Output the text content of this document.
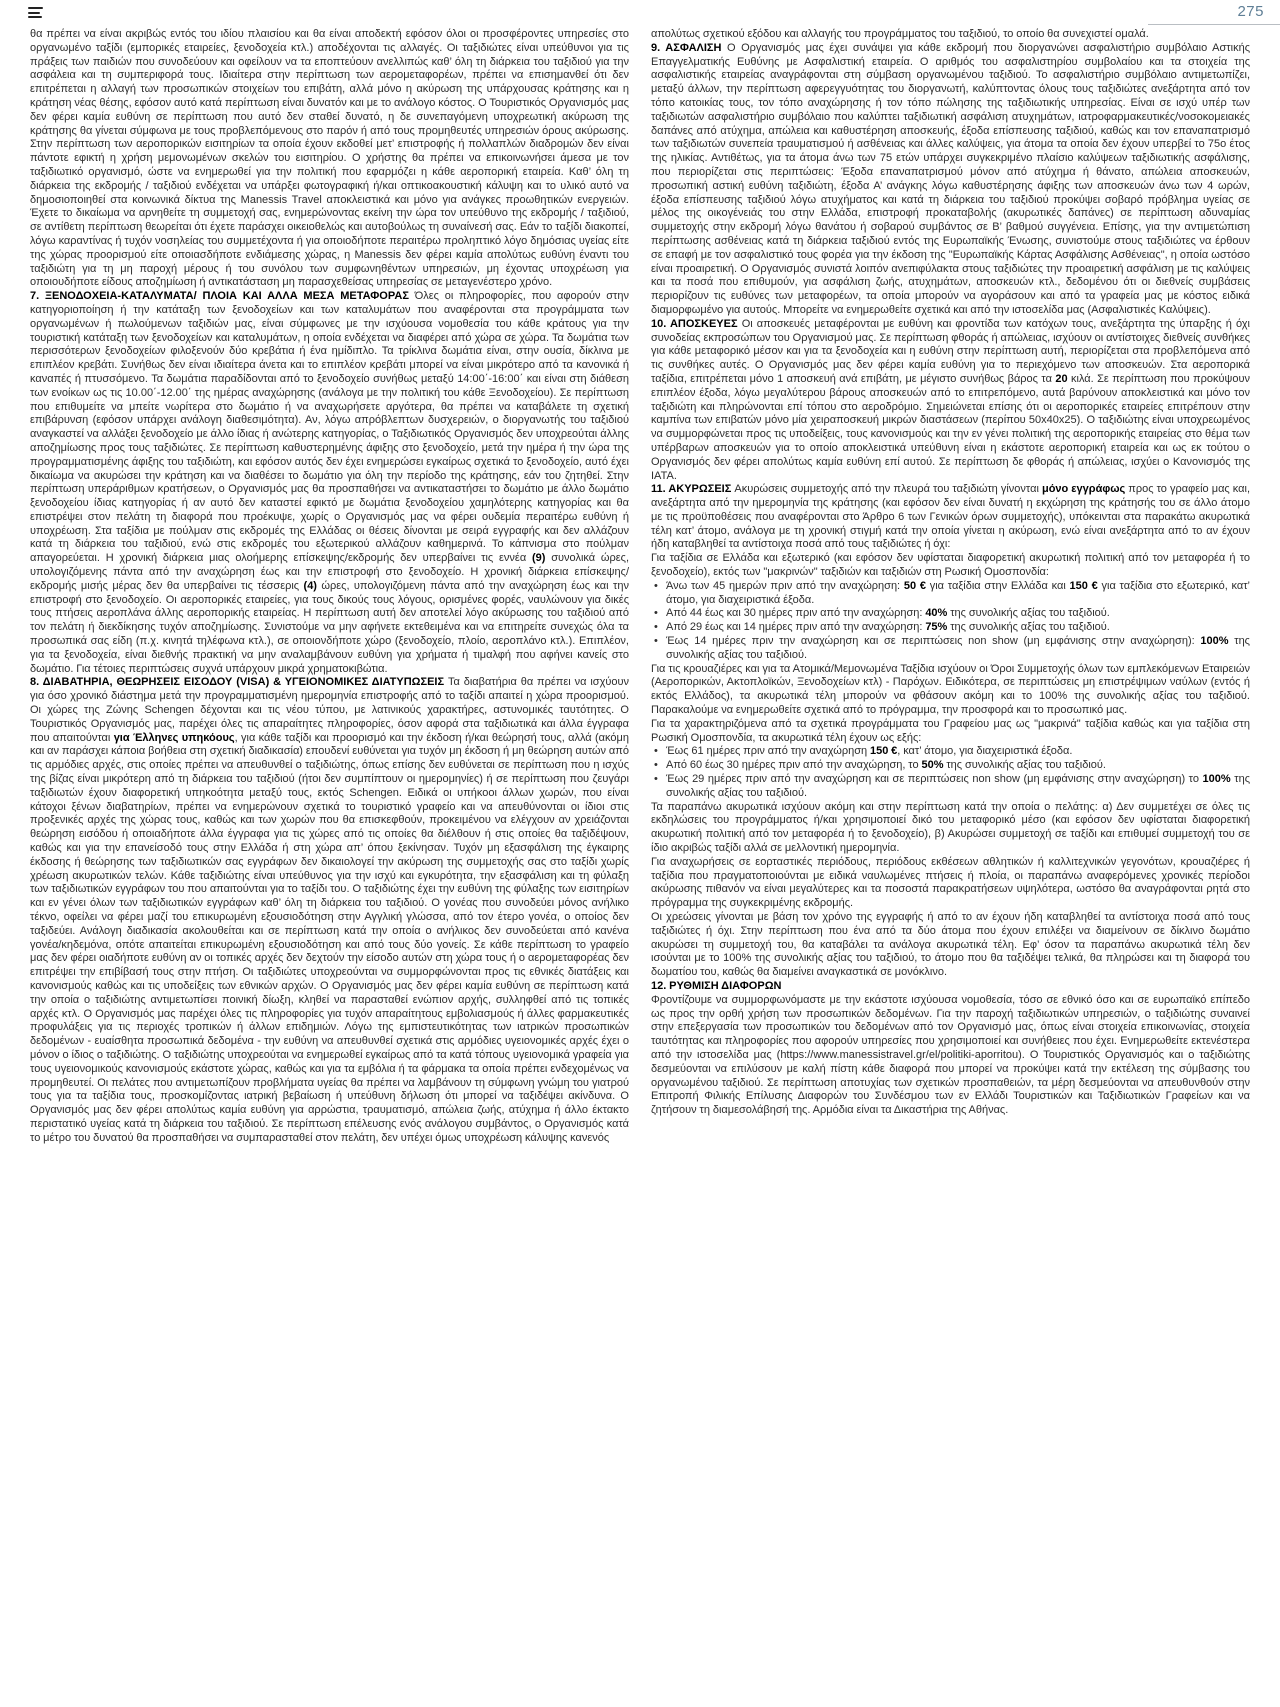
275

θα πρέπει να είναι ακριβώς εντός του ιδίου πλαισίου και θα είναι αποδεκτή εφόσον όλοι οι προσφέροντες υπηρεσίες στο οργανωμένο ταξίδι (εμπορικές εταιρείες, ξενοδοχεία κτλ.) αποδέχονται τις αλλαγές. Οι ταξιδιώτες είναι υπεύθυνοι για τις πράξεις των παιδιών που συνοδεύουν και οφείλουν να τα εποπτεύουν ανελλιπώς καθ’ όλη τη διάρκεια του ταξιδιού για την ασφάλεια και τη συμπεριφορά τους. Ιδιαίτερα στην περίπτωση των αερομεταφορέων, πρέπει να επισημανθεί ότι δεν επιτρέπεται η αλλαγή των προσωπικών στοιχείων του επιβάτη, αλλά μόνο η ακύρωση της υπάρχουσας κράτησης και η κράτηση νέας θέσης, εφόσον αυτό κατά περίπτωση είναι δυνατόν και με το ανάλογο κόστος. Ο Τουριστικός Οργανισμός μας δεν φέρει καμία ευθύνη σε περίπτωση που αυτό δεν σταθεί δυνατό, η δε συνεπαγόμενη υποχρεωτική ακύρωση της κράτησης θα γίνεται σύμφωνα με τους προβλεπόμενους στο παρόν ή από τους προμηθευτές υπηρεσιών όρους ακύρωσης. Στην περίπτωση των αεροπορικών εισιτηρίων τα οποία έχουν εκδοθεί μετ’ επιστροφής ή πολλαπλών διαδρομών δεν είναι πάντοτε εφικτή η χρήση μεμονωμένων σκελών του εισιτηρίου. Ο χρήστης θα πρέπει να επικοινωνήσει άμεσα με τον ταξιδιωτικό οργανισμό, ώστε να ενημερωθεί για την πολιτική που εφαρμόζει η κάθε αεροπορική εταιρεία. Καθ’ όλη τη διάρκεια της εκδρομής / ταξιδιού ενδέχεται να υπάρξει φωτογραφική ή/και οπτικοακουστική κάλυψη και το υλικό αυτό να δημοσιοποιηθεί στα κοινωνικά δίκτυα της Manessis Travel αποκλειστικά και μόνο για ανάγκες προωθητικών ενεργειών. Έχετε το δικαίωμα να αρνηθείτε τη συμμετοχή σας, ενημερώνοντας εκείνη την ώρα τον υπεύθυνο της εκδρομής / ταξιδιού, σε αντίθετη περίπτωση θεωρείται ότι έχετε παράσχει οικειοθελώς και αυτοβούλως τη συναίνεσή σας. Εάν το ταξίδι διακοπεί, λόγω καραντίνας ή τυχόν νοσηλείας του συμμετέχοντα ή για οποιοδήποτε περαιτέρω προληπτικό λόγο δημόσιας υγείας είτε της χώρας προορισμού είτε οποιασδήποτε ενδιάμεσης χώρας, η Manessis δεν φέρει καμία απολύτως ευθύνη έναντι του ταξιδιώτη για τη μη παροχή μέρους ή του συνόλου των συμφωνηθέντων υπηρεσιών, μη έχοντας υποχρέωση για οποιουδήποτε είδους αποζημίωση ή αντικατάσταση μη παρασχεθείσας υπηρεσίας σε μεταγενέστερο χρόνο.

7. ΞΕΝΟΔΟΧΕΙΑ-ΚΑΤΑΛΥΜΑΤΑ/ ΠΛΟΙΑ ΚΑΙ ΑΛΛΑ ΜΕΣΑ ΜΕΤΑΦΟΡΑΣ Όλες οι πληροφορίες, που αφορούν στην κατηγοριοποίηση ή την κατάταξη των ξενοδοχείων και των καταλυμάτων που αναφέρονται στα προγράμματα των οργανωμένων ή πωλούμενων ταξιδιών μας, είναι σύμφωνες με την ισχύουσα νομοθεσία του κάθε κράτους για την τουριστική κατάταξη των ξενοδοχείων και καταλυμάτων, η οποία ενδέχεται να διαφέρει από χώρα σε χώρα. Τα δωμάτια των περισσότερων ξενοδοχείων φιλοξενούν δύο κρεβάτια ή ένα ημίδιπλο. Τα τρίκλινα δωμάτια είναι, στην ουσία, δίκλινα με επιπλέον κρεβάτι. Συνήθως δεν είναι ιδιαίτερα άνετα και το επιπλέον κρεβάτι μπορεί να είναι μικρότερο από τα κανονικά ή καναπές ή πτυσσόμενο. Τα δωμάτια παραδίδονται από το ξενοδοχείο συνήθως μεταξύ 14:00΄-16:00΄ και είναι στη διάθεση των ενοίκων ως τις 10.00΄-12.00΄ της ημέρας αναχώρησης (ανάλογα με την πολιτική του κάθε Ξενοδοχείου). Σε περίπτωση που επιθυμείτε να μπείτε νωρίτερα στο δωμάτιο ή να αναχωρήσετε αργότερα, θα πρέπει να καταβάλετε τη σχετική επιβάρυνση (εφόσον υπάρχει ανάλογη διαθεσιμότητα). Αν, λόγω απρόβλεπτων δυσχερειών, ο διοργανωτής του ταξιδιού αναγκαστεί να αλλάξει ξενοδοχείο με άλλο ίδιας ή ανώτερης κατηγορίας, ο Ταξιδιωτικός Οργανισμός δεν υποχρεούται άλλης αποζημίωσης προς τους ταξιδιώτες. Σε περίπτωση καθυστερημένης άφιξης στο ξενοδοχείο, μετά την ημέρα ή την ώρα της προγραμματισμένης άφιξης του ταξιδιώτη, και εφόσον αυτός δεν έχει ενημερώσει εγκαίρως σχετικά το ξενοδοχείο, αυτό έχει δικαίωμα να ακυρώσει την κράτηση και να διαθέσει το δωμάτιο για όλη την περίοδο της κράτησης, εάν του ζητηθεί. Στην περίπτωση υπεράριθμων κρατήσεων, ο Οργανισμός μας θα προσπαθήσει να αντικαταστήσει το δωμάτιο με άλλο δωμάτιο ξενοδοχείου ίδιας κατηγορίας ή αν αυτό δεν καταστεί εφικτό με δωμάτια ξενοδοχείου χαμηλότερης κατηγορίας και θα επιστρέψει στον πελάτη τη διαφορά που προέκυψε, χωρίς ο Οργανισμός μας να φέρει ουδεμία περαιτέρω ευθύνη ή υποχρέωση. Στα ταξίδια με πούλμαν στις εκδρομές της Ελλάδας οι θέσεις δίνονται με σειρά εγγραφής και δεν αλλάζουν κατά τη διάρκεια του ταξιδιού, ενώ στις εκδρομές του εξωτερικού αλλάζουν καθημερινά. Το κάπνισμα στο πούλμαν απαγορεύεται. Η χρονική διάρκεια μιας ολοήμερης επίσκεψης/εκδρομής δεν υπερβαίνει τις εννέα (9) συνολικά ώρες, υπολογιζόμενης πάντα από την αναχώρηση έως και την επιστροφή στο ξενοδοχείο. Η χρονική διάρκεια επίσκεψης/εκδρομής μισής μέρας δεν θα υπερβαίνει τις τέσσερις (4) ώρες, υπολογιζόμενη πάντα από την αναχώρηση έως και την επιστροφή στο ξενοδοχείο. Οι αεροπορικές εταιρείες, για τους δικούς τους λόγους, ορισμένες φορές, ναυλώνουν για δικές τους πτήσεις αεροπλάνα άλλης αεροπορικής εταιρείας. Η περίπτωση αυτή δεν αποτελεί λόγο ακύρωσης του ταξιδιού από τον πελάτη ή διεκδίκησης τυχόν αποζημίωσης. Συνιστούμε να μην αφήνετε εκτεθειμένα και να επιτηρείτε συνεχώς όλα τα προσωπικά σας είδη (π.χ. κινητά τηλέφωνα κτλ.), σε οποιονδήποτε χώρο (ξενοδοχείο, πλοίο, αεροπλάνο κτλ.). Επιπλέον, για τα ξενοδοχεία, είναι διεθνής πρακτική να μην αναλαμβάνουν ευθύνη για χρήματα ή τιμαλφή που αφήνει κανείς στο δωμάτιο. Για τέτοιες περιπτώσεις συχνά υπάρχουν μικρά χρηματοκιβώτια.

8. ΔΙΑΒΑΤΗΡΙΑ, ΘΕΩΡΗΣΕΙΣ ΕΙΣΟΔΟΥ (VISA) & ΥΓΕΙΟΝΟΜΙΚΕΣ ΔΙΑΤΥΠΩΣΕΙΣ Τα διαβατήρια θα πρέπει να ισχύουν για όσο χρονικό διάστημα μετά την προγραμματισμένη ημερομηνία επιστροφής από το ταξίδι απαιτεί η χώρα προορισμού. Οι χώρες της Ζώνης Schengen δέχονται και τις νέου τύπου, με λατινικούς χαρακτήρες, αστυνομικές ταυτότητες. Ο Τουριστικός Οργανισμός μας, παρέχει όλες τις απαραίτητες πληροφορίες, όσον αφορά στα ταξιδιωτικά και άλλα έγγραφα που απαιτούνται για Έλληνες υπηκόους, για κάθε ταξίδι και προορισμό και την έκδοση ή/και θεώρησή τους, αλλά (ακόμη και αν παράσχει κάποια βοήθεια στη σχετική διαδικασία) επουδενί ευθύνεται για τυχόν μη έκδοση ή μη θεώρηση αυτών από τις αρμόδιες αρχές, στις οποίες πρέπει να απευθυνθεί ο ταξιδιώτης, όπως επίσης δεν ευθύνεται σε περίπτωση που η ισχύς της βίζας είναι μικρότερη από τη διάρκεια του ταξιδιού (ήτοι δεν συμπίπτουν οι ημερομηνίες) ή σε περίπτωση που ζευγάρι ταξιδιωτών έχουν διαφορετική υπηκοότητα μεταξύ τους, εκτός Schengen. Ειδικά οι υπήκοοι άλλων χωρών, που είναι κάτοχοι ξένων διαβατηρίων, πρέπει να ενημερώνουν σχετικά το τουριστικό γραφείο και να απευθύνονται οι ίδιοι στις προξενικές αρχές της χώρας τους, καθώς και των χωρών που θα επισκεφθούν, προκειμένου να ελέγχουν αν χρειάζονται θεώρηση εισόδου ή οποιαδήποτε άλλα έγγραφα για τις χώρες από τις οποίες θα διέλθουν ή στις οποίες θα ταξιδέψουν, καθώς και για την επανείσοδό τους στην Ελλάδα ή στη χώρα απ’ όπου ξεκίνησαν. Τυχόν μη εξασφάλιση της έγκαιρης έκδοσης ή θεώρησης των ταξιδιωτικών σας εγγράφων δεν δικαιολογεί την ακύρωση της συμμετοχής σας στο ταξίδι χωρίς χρέωση ακυρωτικών τελών. Κάθε ταξιδιώτης είναι υπεύθυνος για την ισχύ και εγκυρότητα, την εξασφάλιση και τη φύλαξη των ταξιδιωτικών εγγράφων του που απαιτούνται για το ταξίδι του. Ο ταξιδιώτης έχει την ευθύνη της φύλαξης των εισιτηρίων και εν γένει όλων των ταξιδιωτικών εγγράφων καθ’ όλη τη διάρκεια του ταξιδιού. Ο γονέας που συνοδεύει μόνος ανήλικο τέκνο, οφείλει να φέρει μαζί του επικυρωμένη εξουσιοδότηση στην Αγγλική γλώσσα, από τον έτερο γονέα, ο οποίος δεν ταξιδεύει. Ανάλογη διαδικασία ακολουθείται και σε περίπτωση κατά την οποία ο ανήλικος δεν συνοδεύεται από κανένα γονέα/κηδεμόνα, οπότε απαιτείται επικυρωμένη εξουσιοδότηση και από τους δύο γονείς. Σε κάθε περίπτωση το γραφείο μας δεν φέρει οιαδήποτε ευθύνη αν οι τοπικές αρχές δεν δεχτούν την είσοδο αυτών στη χώρα τους ή ο αερομεταφορέας δεν επιτρέψει την επιβίβασή τους στην πτήση. Οι ταξιδιώτες υποχρεούνται να συμμορφώνονται προς τις εθνικές διατάξεις και κανονισμούς καθώς και τις υποδείξεις των εθνικών αρχών. Ο Οργανισμός μας δεν φέρει καμία ευθύνη σε περίπτωση κατά την οποία ο ταξιδιώτης αντιμετωπίσει ποινική δίωξη, κληθεί να παρασταθεί ενώπιον αρχής, συλληφθεί από τις τοπικές αρχές κτλ. Ο Οργανισμός μας παρέχει όλες τις πληροφορίες για τυχόν απαραίτητους εμβολιασμούς ή άλλες φαρμακευτικές προφυλάξεις για τις περιοχές τροπικών ή άλλων επιδημιών. Λόγω της εμπιστευτικότητας των ιατρικών προσωπικών δεδομένων - ευαίσθητα προσωπικά δεδομένα - την ευθύνη να απευθυνθεί σχετικά στις αρμόδιες υγειονομικές αρχές έχει ο μόνον ο ίδιος ο ταξιδιώτης. Ο ταξιδιώτης υποχρεούται να ενημερωθεί εγκαίρως από τα κατά τόπους υγειονομικά γραφεία για τους υγειονομικούς κανονισμούς εκάστοτε χώρας, καθώς και για τα εμβόλια ή τα φάρμακα τα οποία πρέπει ενδεχομένως να προμηθευτεί. Οι πελάτες που αντιμετωπίζουν προβλήματα υγείας θα πρέπει να λαμβάνουν τη σύμφωνη γνώμη του γιατρού τους για τα ταξίδια τους, προσκομίζοντας ιατρική βεβαίωση ή υπεύθυνη δήλωση ότι μπορεί να ταξιδέψει ακίνδυνα. Ο Οργανισμός μας δεν φέρει απολύτως καμία ευθύνη για αρρώστια, τραυματισμό, απώλεια ζωής, ατύχημα ή άλλο έκτακτο περιστατικό υγείας κατά τη διάρκεια του ταξιδιού. Σε περίπτωση επέλευσης ενός ανάλογου συμβάντος, ο Οργανισμός κατά το μέτρο του δυνατού θα προσπαθήσει να συμπαρασταθεί στον πελάτη, δεν υπέχει όμως υποχρέωση κάλυψης κανενός

απολύτως σχετικού εξόδου και αλλαγής του προγράμματος του ταξιδιού, το οποίο θα συνεχιστεί ομαλά.

9. ΑΣΦΑΛΙΣΗ Ο Οργανισμός μας έχει συνάψει για κάθε εκδρομή που διοργανώνει ασφαλιστήριο συμβόλαιο Αστικής Επαγγελματικής Ευθύνης με Ασφαλιστική εταιρεία. Ο αριθμός του ασφαλιστηρίου συμβολαίου και τα στοιχεία της ασφαλιστικής εταιρείας αναγράφονται στη σύμβαση οργανωμένου ταξιδιού. Το ασφαλιστήριο συμβόλαιο αντιμετωπίζει, μεταξύ άλλων, την περίπτωση αφερεγγυότητας του διοργανωτή, καλύπτοντας όλους τους ταξιδιώτες ανεξάρτητα από τον τόπο κατοικίας τους, τον τόπο αναχώρησης ή τον τόπο πώλησης της ταξιδιωτικής υπηρεσίας. Είναι σε ισχύ υπέρ των ταξιδιωτών ασφαλιστήριο συμβόλαιο που καλύπτει ταξιδιωτική ασφάλιση ατυχημάτων, ιατροφαρμακευτικές/νοσοκομειακές δαπάνες από ατύχημα, απώλεια και καθυστέρηση αποσκευής, έξοδα επίσπευσης ταξιδιού, καθώς και τον επαναπατρισμό των ταξιδιωτών συνεπεία τραυματισμού ή ασθένειας και άλλες καλύψεις, για άτομα τα οποία δεν έχουν υπερβεί το 75ο έτος της ηλικίας. Αντιθέτως, για τα άτομα άνω των 75 ετών υπάρχει συγκεκριμένο πλαίσιο καλύψεων ταξιδιωτικής ασφάλισης, που περιορίζεται στις περιπτώσεις: Έξοδα επαναπατρισμού μόνον από ατύχημα ή θάνατο, απώλεια αποσκευών, προσωπική αστική ευθύνη ταξιδιώτη, έξοδα Α’ ανάγκης λόγω καθυστέρησης άφιξης των αποσκευών άνω των 4 ωρών, έξοδα επίσπευσης ταξιδιού λόγω ατυχήματος και κατά τη διάρκεια του ταξιδιού προκύψει σοβαρό πρόβλημα υγείας σε μέλος της οικογένειάς του στην Ελλάδα, επιστροφή προκαταβολής (ακυρωτικές δαπάνες) σε περίπτωση αδυναμίας συμμετοχής στην εκδρομή λόγω θανάτου ή σοβαρού συμβάντος σε Β’ βαθμού συγγένεια. Επίσης, για την αντιμετώπιση περίπτωσης ασθένειας κατά τη διάρκεια ταξιδιού εντός της Ευρωπαϊκής Ένωσης, συνιστούμε στους ταξιδιώτες να έρθουν σε επαφή με τον ασφαλιστικό τους φορέα για την έκδοση της "Ευρωπαϊκής Κάρτας Ασφάλισης Ασθένειας", η οποία ωστόσο είναι προαιρετική. Ο Οργανισμός συνιστά λοιπόν ανεπιφύλακτα στους ταξιδιώτες την προαιρετική ασφάλιση με τις καλύψεις και τα ποσά που επιθυμούν, για ασφάλιση ζωής, ατυχημάτων, αποσκευών κτλ., δεδομένου ότι οι διεθνείς συμβάσεις περιορίζουν τις ευθύνες των μεταφορέων, τα οποία μπορούν να αγοράσουν και από τα γραφεία μας με κόστος ειδικά διαμορφωμένο για αυτούς. Μπορείτε να ενημερωθείτε σχετικά και από την ιστοσελίδα μας (Ασφαλιστικές Καλύψεις).

10. ΑΠΟΣΚΕΥΕΣ Οι αποσκευές μεταφέρονται με ευθύνη και φροντίδα των κατόχων τους, ανεξάρτητα της ύπαρξης ή όχι συνοδείας εκπροσώπων του Οργανισμού μας. Σε περίπτωση φθοράς ή απώλειας, ισχύουν οι αντίστοιχες διεθνείς συνθήκες για κάθε μεταφορικό μέσον και για τα ξενοδοχεία και η ευθύνη στην περίπτωση αυτή, περιορίζεται στα προβλεπόμενα από τις συνθήκες αυτές. Ο Οργανισμός μας δεν φέρει καμία ευθύνη για το περιεχόμενο των αποσκευών. Στα αεροπορικά ταξίδια, επιτρέπεται μόνο 1 αποσκευή ανά επιβάτη, με μέγιστο συνήθως βάρος τα 20 κιλά. Σε περίπτωση που προκύψουν επιπλέον έξοδα, λόγω μεγαλύτερου βάρους αποσκευών από το επιτρεπόμενο, αυτά βαρύνουν αποκλειστικά και μόνο τον ταξιδιώτη και πληρώνονται επί τόπου στο αεροδρόμιο. Σημειώνεται επίσης ότι οι αεροπορικές εταιρείες επιτρέπουν στην καμπίνα των επιβατών μόνο μία χειραποσκευή μικρών διαστάσεων (περίπου 50x40x25). Ο ταξιδιώτης είναι υποχρεωμένος να συμμορφώνεται προς τις υποδείξεις, τους κανονισμούς και την εν γένει πολιτική της αεροπορικής εταιρείας στο θέμα των υπέρβαρων αποσκευών για το οποίο αποκλειστικά υπεύθυνη είναι η εκάστοτε αεροπορική εταιρεία και ως εκ τούτου ο Οργανισμός δεν φέρει απολύτως καμία ευθύνη επί αυτού. Σε περίπτωση δε φθοράς ή απώλειας, ισχύει ο Κανονισμός της IATA.

11. ΑΚΥΡΩΣΕΙΣ Ακυρώσεις συμμετοχής από την πλευρά του ταξιδιώτη γίνονται μόνο εγγράφως προς το γραφείο μας και, ανεξάρτητα από την ημερομηνία της κράτησης (και εφόσον δεν είναι δυνατή η εκχώρηση της κράτησής του σε άλλο άτομο με τις προϋποθέσεις που αναφέρονται στο Άρθρο 6 των Γενικών όρων συμμετοχής), υπόκεινται στα παρακάτω ακυρωτικά τέλη κατ’ άτομο, ανάλογα με τη χρονική στιγμή κατά την οποία γίνεται η ακύρωση, ενώ είναι ανεξάρτητα από το αν έχουν ήδη καταβληθεί τα αντίστοιχα ποσά από τους ταξιδιώτες ή όχι:

Για ταξίδια σε Ελλάδα και εξωτερικό (και εφόσον δεν υφίσταται διαφορετική ακυρωτική πολιτική από τον μεταφορέα ή το ξενοδοχείο), εκτός των "μακρινών" ταξιδιών και ταξιδιών στη Ρωσική Ομοσπονδία:

• Άνω των 45 ημερών πριν από την αναχώρηση: 50 € για ταξίδια στην Ελλάδα και 150 € για ταξίδια στο εξωτερικό, κατ’ άτομο, για διαχειριστικά έξοδα.
• Από 44 έως και 30 ημέρες πριν από την αναχώρηση: 40% της συνολικής αξίας του ταξιδιού.
• Από 29 έως και 14 ημέρες πριν από την αναχώρηση: 75% της συνολικής αξίας του ταξιδιού.
• Έως 14 ημέρες πριν την αναχώρηση και σε περιπτώσεις non show (μη εμφάνισης στην αναχώρηση): 100% της συνολικής αξίας του ταξιδιού.

Για τις κρουαζιέρες και για τα Ατομικά/Μεμονωμένα Ταξίδια ισχύουν οι Όροι Συμμετοχής όλων των εμπλεκόμενων Εταιρειών (Αεροπορικών, Ακτοπλοϊκών, Ξενοδοχείων κτλ) - Παρόχων. Ειδικότερα, σε περιπτώσεις μη επιστρέψιμων ναύλων (εντός ή εκτός Ελλάδος), τα ακυρωτικά τέλη μπορούν να φθάσουν ακόμη και το 100% της συνολικής αξίας του ταξιδιού. Παρακαλούμε να ενημερωθείτε σχετικά από το πρόγραμμα, την προσφορά και το προσωπικό μας.

Για τα χαρακτηριζόμενα από τα σχετικά προγράμματα του Γραφείου μας ως "μακρινά" ταξίδια καθώς και για ταξίδια στη Ρωσική Ομοσπονδία, τα ακυρωτικά τέλη έχουν ως εξής:

• Έως 61 ημέρες πριν από την αναχώρηση 150 €, κατ’ άτομο, για διαχειριστικά έξοδα.
• Από 60 έως 30 ημέρες πριν από την αναχώρηση, το 50% της συνολικής αξίας του ταξιδιού.
• Έως 29 ημέρες πριν από την αναχώρηση και σε περιπτώσεις non show (μη εμφάνισης στην αναχώρηση) το 100% της συνολικής αξίας του ταξιδιού.

Τα παραπάνω ακυρωτικά ισχύουν ακόμη και στην περίπτωση κατά την οποία ο πελάτης: α) Δεν συμμετέχει σε όλες τις εκδηλώσεις του προγράμματος ή/και χρησιμοποιεί δικό του μεταφορικό μέσο (και εφόσον δεν υφίσταται διαφορετική ακυρωτική πολιτική από τον μεταφορέα ή το ξενοδοχείο), β) Ακυρώσει συμμετοχή σε ταξίδι και επιθυμεί συμμετοχή του σε ίδιο ακριβώς ταξίδι αλλά σε μελλοντική ημερομηνία.

Για αναχωρήσεις σε εορταστικές περιόδους, περιόδους εκθέσεων αθλητικών ή καλλιτεχνικών γεγονότων, κρουαζιέρες ή ταξίδια που πραγματοποιούνται με ειδικά ναυλωμένες πτήσεις ή πλοία, οι παραπάνω αναφερόμενες χρονικές περίοδοι ακύρωσης πιθανόν να είναι μεγαλύτερες και τα ποσοστά παρακρατήσεων υψηλότερα, ωστόσο θα αναγράφονται ρητά στο πρόγραμμα της συγκεκριμένης εκδρομής.

Οι χρεώσεις γίνονται με βάση τον χρόνο της εγγραφής ή από το αν έχουν ήδη καταβληθεί τα αντίστοιχα ποσά από τους ταξιδιώτες ή όχι. Στην περίπτωση που ένα από τα δύο άτομα που έχουν επιλέξει να διαμείνουν σε δίκλινο δωμάτιο ακυρώσει τη συμμετοχή του, θα καταβάλει τα ανάλογα ακυρωτικά τέλη. Εφ’ όσον τα παραπάνω ακυρωτικά τέλη δεν ισούνται με το 100% της συνολικής αξίας του ταξιδιού, το άτομο που θα ταξιδέψει τελικά, θα πληρώσει και τη διαφορά του δωματίου του, καθώς θα διαμείνει αναγκαστικά σε μονόκλινο.

12. ΡΥΘΜΙΣΗ ΔΙΑΦΟΡΩΝ

Φροντίζουμε να συμμορφωνόμαστε με την εκάστοτε ισχύουσα νομοθεσία, τόσο σε εθνικό όσο και σε ευρωπαϊκό επίπεδο ως προς την ορθή χρήση των προσωπικών δεδομένων. Για την παροχή ταξιδιωτικών υπηρεσιών, ο ταξιδιώτης συναινεί στην επεξεργασία των προσωπικών του δεδομένων από τον Οργανισμό μας, όπως είναι στοιχεία επικοινωνίας, στοιχεία ταυτότητας και πληροφορίες που αφορούν υπηρεσίες που χρησιμοποιεί και συνήθειες που έχει. Ενημερωθείτε εκτενέστερα από την ιστοσελίδα μας (https://www.manessistravel.gr/el/politiki-aporritou). Ο Τουριστικός Οργανισμός και ο ταξιδιώτης δεσμεύονται να επιλύσουν με καλή πίστη κάθε διαφορά που μπορεί να προκύψει κατά την εκτέλεση της σύμβασης του οργανωμένου ταξιδιού. Σε περίπτωση αποτυχίας των σχετικών προσπαθειών, τα μέρη δεσμεύονται να απευθυνθούν στην Επιτροπή Φιλικής Επίλυσης Διαφορών του Συνδέσμου των εν Ελλάδι Τουριστικών και Ταξιδιωτικών Γραφείων και να ζητήσουν τη διαμεσολάβησή της. Αρμόδια είναι τα Δικαστήρια της Αθήνας.
